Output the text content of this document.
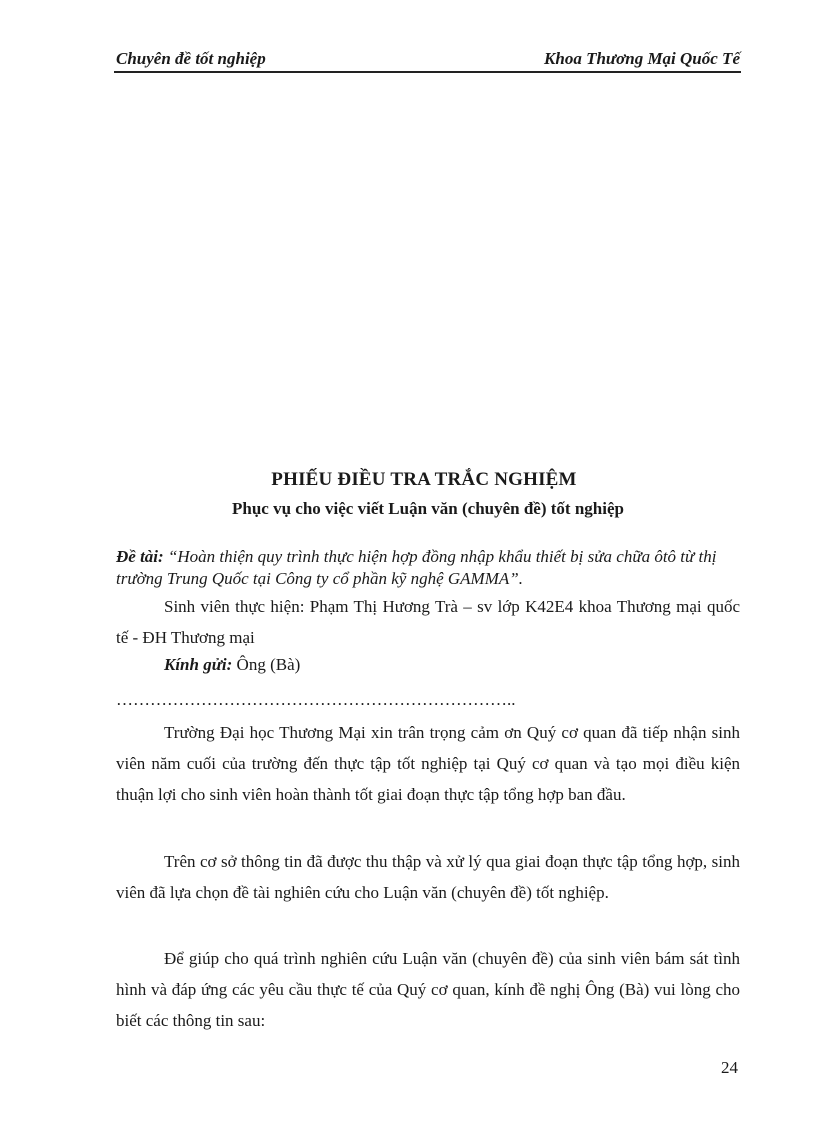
Chuyên đề tốt nghiệp	Khoa Thương Mại Quốc Tế
PHIẾU ĐIỀU TRA TRẮC NGHIỆM
Phục vụ cho việc viết Luận văn (chuyên đề) tốt nghiệp
Đề tài: “Hoàn thiện quy trình thực hiện hợp đồng nhập khẩu thiết bị sửa chữa ôtô từ thị trường Trung Quốc tại Công ty cổ phần kỹ nghệ GAMMA”.
Sinh viên thực hiện: Phạm Thị Hương Trà – sv lớp K42E4 khoa Thương mại quốc tế - ĐH Thương mại
Kính gửi: Ông (Bà)
……………………………………………………………..
Trường Đại học Thương Mại xin trân trọng cảm ơn Quý cơ quan đã tiếp nhận sinh viên năm cuối của trường đến thực tập tốt nghiệp tại Quý cơ quan và tạo mọi điều kiện thuận lợi cho sinh viên hoàn thành tốt giai đoạn thực tập tổng hợp ban đầu.
Trên cơ sở thông tin đã được thu thập và xử lý qua giai đoạn thực tập tổng hợp, sinh viên đã lựa chọn đề tài nghiên cứu cho Luận văn (chuyên đề) tốt nghiệp.
Để giúp cho quá trình nghiên cứu Luận văn (chuyên đề) của sinh viên bám sát tình hình và đáp ứng các yêu cầu thực tế của Quý cơ quan, kính đề nghị Ông (Bà) vui lòng cho biết các thông tin sau:
24
